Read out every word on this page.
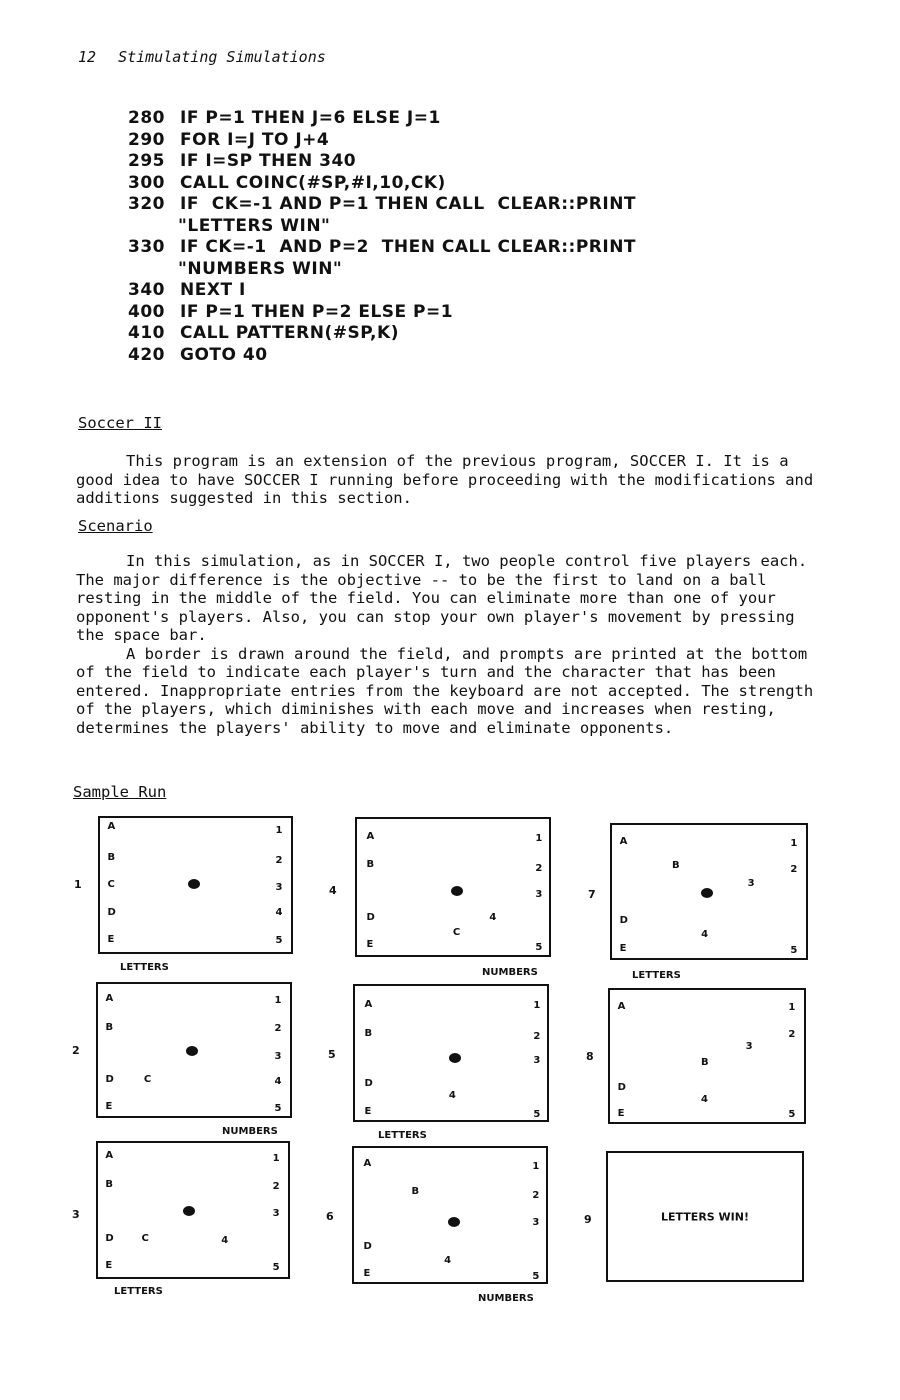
12 Stimulating Simulations
280 IF P=1 THEN J=6 ELSE J=1
290 FOR I=J TO J+4
295 IF I=SP THEN 340
300 CALL COINC(#SP,#I,10,CK)
320 IF  CK=-1 AND P=1 THEN CALL  CLEAR::PRINT
"LETTERS WIN"
330 IF CK=-1  AND P=2  THEN CALL CLEAR::PRINT
"NUMBERS WIN"
340 NEXT I
400 IF P=1 THEN P=2 ELSE P=1
410 CALL PATTERN(#SP,K)
420 GOTO 40
Soccer II

This program is an extension of the previous program, SOCCER I. It is a good idea to have SOCCER I running before proceeding with the modifications and additions suggested in this section.

Scenario

In this simulation, as in SOCCER I, two people control five players each. The major difference is the objective -- to be the first to land on a ball resting in the middle of the field. You can eliminate more than one of your opponent's players. Also, you can stop your own player's movement by pressing the space bar.

A border is drawn around the field, and prompts are printed at the bottom of the field to indicate each player's turn and the character that has been entered. Inappropriate entries from the keyboard are not accepted. The strength of the players, which diminishes with each move and increases when resting, determines the players' ability to move and eliminate opponents.

Sample Run
A
B
C
D
E
1
2
3
4
5
1
LETTERS
A
B
D
E
C
1
2
3
4
5
4
NUMBERS
A
B
D
E
1
2
3
4
5
7
LETTERS
A
B
D	C
E
1
2
3
4
5
2
NUMBERS
A
B
D
E
1
2
3
4
5
5
LETTERS
A
B
D
E
1
2
3
4
5
8
A
B
D	C
E
1
2
3
4
5
3
LETTERS
A
B
D
E
1
2
3
4
5
6
NUMBERS
LETTERS WIN!
9
